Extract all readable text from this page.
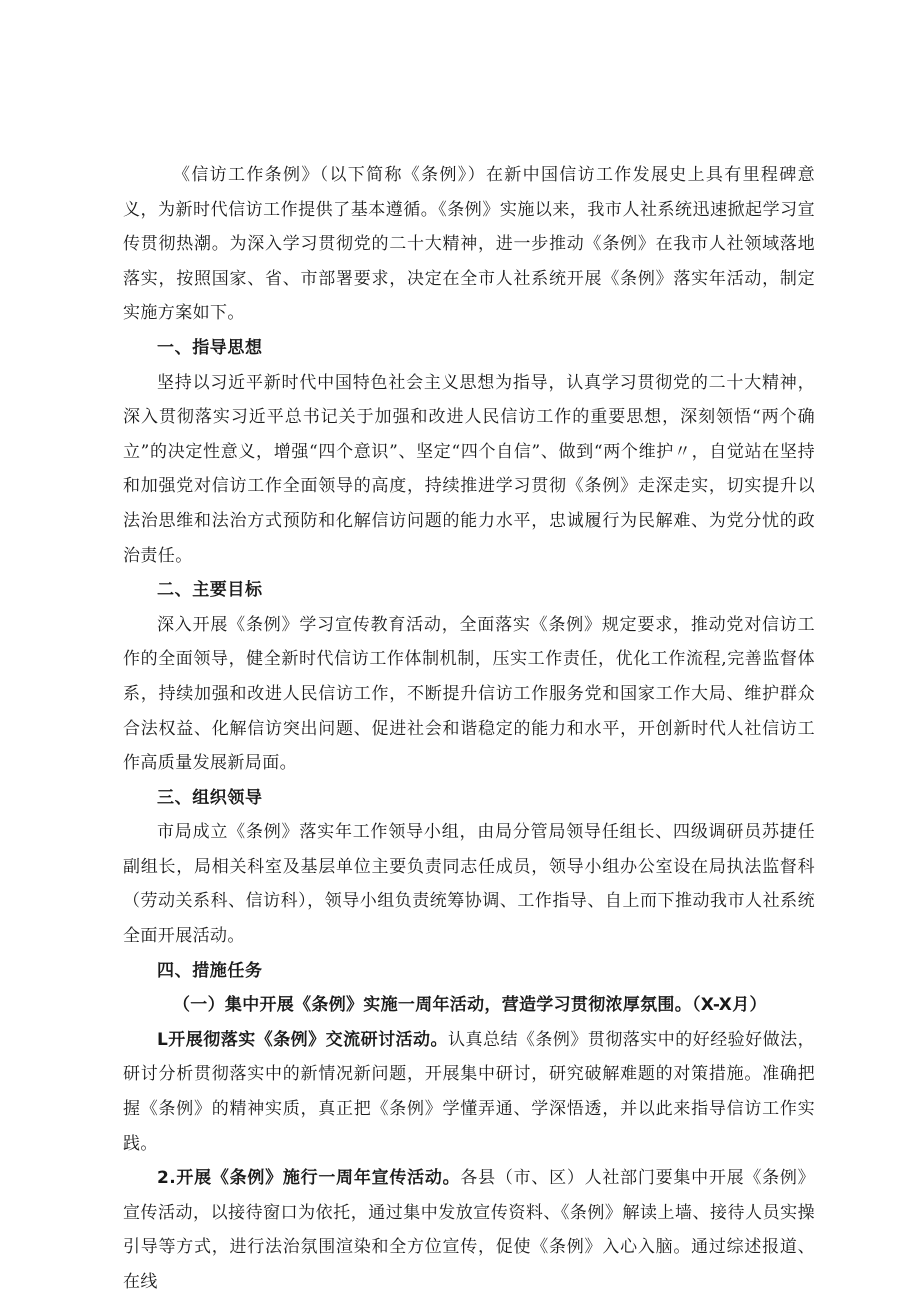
《信访工作条例》（以下简称《条例》）在新中国信访工作发展史上具有里程碑意义，为新时代信访工作提供了基本遵循。《条例》实施以来，我市人社系统迅速掀起学习宣传贯彻热潮。为深入学习贯彻党的二十大精神，进一步推动《条例》在我市人社领域落地落实，按照国家、省、市部署要求，决定在全市人社系统开展《条例》落实年活动，制定实施方案如下。

一、指导思想

坚持以习近平新时代中国特色社会主义思想为指导，认真学习贯彻党的二十大精神，深入贯彻落实习近平总书记关于加强和改进人民信访工作的重要思想，深刻领悟“两个确立”的决定性意义，增强“四个意识”、坚定“四个自信”、做到“两个维护〃，自觉站在坚持和加强党对信访工作全面领导的高度，持续推进学习贯彻《条例》走深走实，切实提升以法治思维和法治方式预防和化解信访问题的能力水平，忠诚履行为民解难、为党分忧的政治责任。

二、主要目标

深入开展《条例》学习宣传教育活动，全面落实《条例》规定要求，推动党对信访工作的全面领导，健全新时代信访工作体制机制，压实工作责任，优化工作流程,完善监督体系，持续加强和改进人民信访工作，不断提升信访工作服务党和国家工作大局、维护群众合法权益、化解信访突出问题、促进社会和谐稳定的能力和水平，开创新时代人社信访工作高质量发展新局面。

三、组织领导

市局成立《条例》落实年工作领导小组，由局分管局领导任组长、四级调研员苏捷任副组长，局相关科室及基层单位主要负责同志任成员，领导小组办公室设在局执法监督科（劳动关系科、信访科），领导小组负责统筹协调、工作指导、自上而下推动我市人社系统全面开展活动。

四、措施任务

（一）集中开展《条例》实施一周年活动，营造学习贯彻浓厚氛围。（X-X月）

L开展彻落实《条例》交流研讨活动。认真总结《条例》贯彻落实中的好经验好做法，研讨分析贯彻落实中的新情况新问题，开展集中研讨，研究破解难题的对策措施。准确把握《条例》的精神实质，真正把《条例》学懂弄通、学深悟透，并以此来指导信访工作实践。

2.开展《条例》施行一周年宣传活动。各县（市、区）人社部门要集中开展《条例》宣传活动，以接待窗口为依托，通过集中发放宣传资料、《条例》解读上墙、接待人员实操引导等方式，进行法治氛围渲染和全方位宣传，促使《条例》入心入脑。通过综述报道、在线
